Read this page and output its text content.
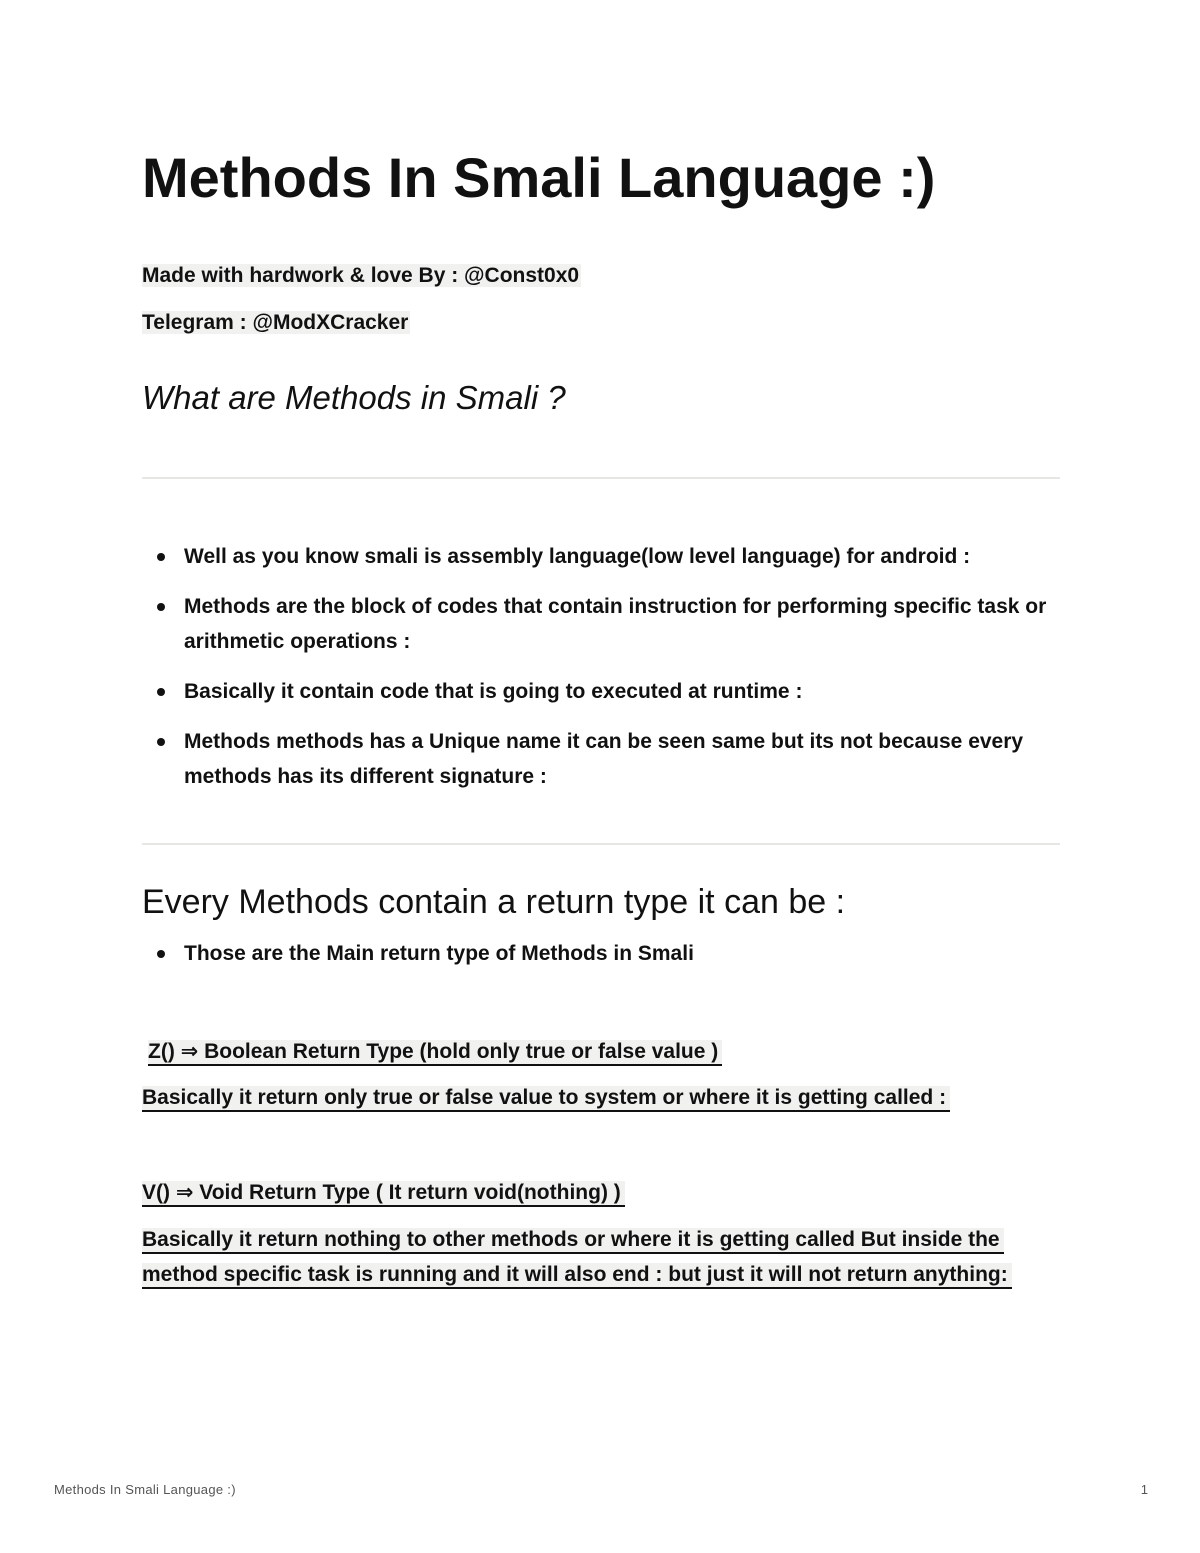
Methods In Smali Language :)
Made with hardwork & love By : @Const0x0
Telegram : @ModXCracker
What are Methods in Smali ?
Well as you know smali is assembly language(low level language) for android :
Methods are the block of codes that contain instruction for performing specific task or arithmetic operations :
Basically it contain code that is going to executed at runtime :
Methods methods has a Unique name it can be seen same but its not because every methods has its different signature :
Every Methods contain a return type it can be :
Those are the Main return type of Methods in Smali
Z() ⇒ Boolean Return Type (hold only true or false value )
Basically it return only true or false value to system or where it is getting called :
V() ⇒ Void Return Type ( It return void(nothing) )
Basically it return nothing to other methods or where it is getting called But inside the method specific task is running and it will also end : but just it will not return anything:
Methods In Smali Language :)	1
